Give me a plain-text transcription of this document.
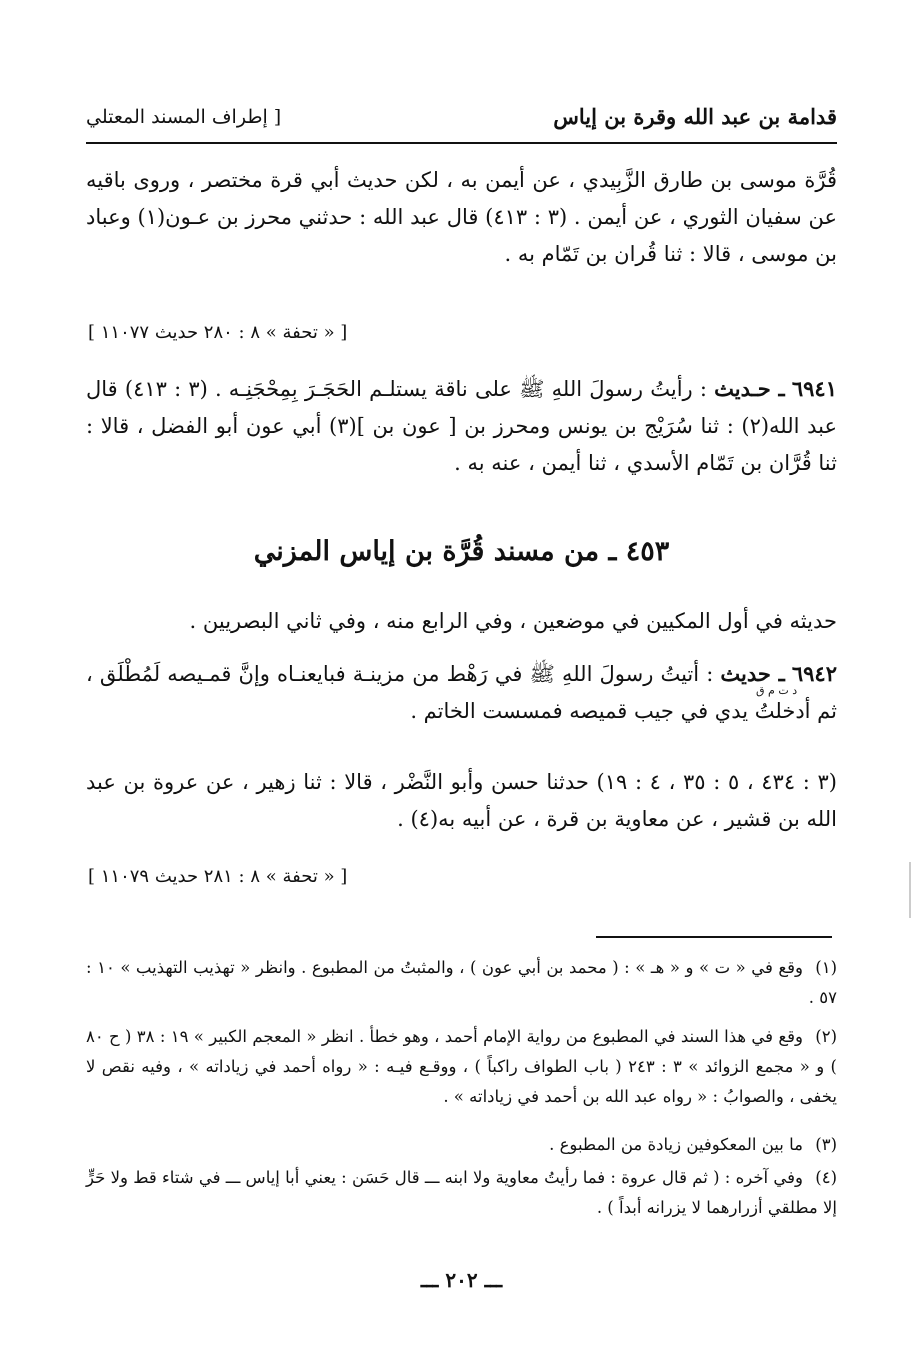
قدامة بن عبد الله وقرة بن إياس
[ إطراف المسند المعتلي
قُرَّة موسى بن طارق الزَّبِيدي ، عن أيمن به ، لكن حديث أبي قرة مختصر ، وروى باقيه عن سفيان الثوري ، عن أيمن . (٣ : ٤١٣) قال عبد الله : حدثني محرز بن عـون(١) وعباد بن موسى ، قالا : ثنا قُران بن تَمّام به .
[ « تحفة » ٨ : ٢٨٠ حديث ١١٠٧٧ ]
٦٩٤١ ـ حـديث : رأيتُ رسولَ اللهِ ﷺ على ناقة يستلـم الحَجَـرَ بِمِحْجَنِـه . (٣ : ٤١٣) قال عبد الله(٢) : ثنا سُرَيْج بن يونس ومحرز بن [ عون بن ](٣) أبي عون أبو الفضل ، قالا : ثنا قُرَّان بن تَمّام الأسدي ، ثنا أيمن ، عنه به .
٤٥٣ ـ من مسند قُرَّة بن إياس المزني
حديثه في أول المكيين في موضعين ، وفي الرابع منه ، وفي ثاني البصريين .
٦٩٤٢ ـ حديث : أتيتُ رسولَ اللهِ ﷺ في رَهْط من مزينـة فبايعنـاه وإنَّ قمـيصه لَمُطْلَق ، ثم أدخلتُ يدي في جيب قميصه فمسست الخاتم .
د ت م ق
(٣ : ٤٣٤ ، ٥ : ٣٥ ، ٤ : ١٩) حدثنا حسن وأبو النَّضْر ، قالا : ثنا زهير ، عن عروة بن عبد الله بن قشير ، عن معاوية بن قرة ، عن أبيه به(٤) .
[ « تحفة » ٨ : ٢٨١ حديث ١١٠٧٩ ]
(١)وقع في « ت » و « هـ » : ( محمد بن أبي عون ) ، والمثبتُ من المطبوع . وانظر « تهذيب التهذيب » ١٠ : ٥٧ .
(٢)وقع في هذا السند في المطبوع من رواية الإمام أحمد ، وهو خطأ . انظر « المعجم الكبير » ١٩ : ٣٨ ( ح ٨٠ ) و « مجمع الزوائد » ٣ : ٢٤٣ ( باب الطواف راكباً ) ، ووقـع فيـه : « رواه أحمد في زياداته » ، وفيه نقص لا يخفى ، والصوابُ : « رواه عبد الله بن أحمد في زياداته » .
(٣)ما بين المعكوفين زيادة من المطبوع .
(٤)وفي آخره : ( ثم قال عروة : فما رأيتُ معاوية ولا ابنه ـــ قال حَسَن : يعني أبا إياس ـــ في شتاء قط ولا حَرٍّ إلا مطلقي أزرارهما لا يزرانه أبداً ) .
ـــ ٢٠٢ ـــ
